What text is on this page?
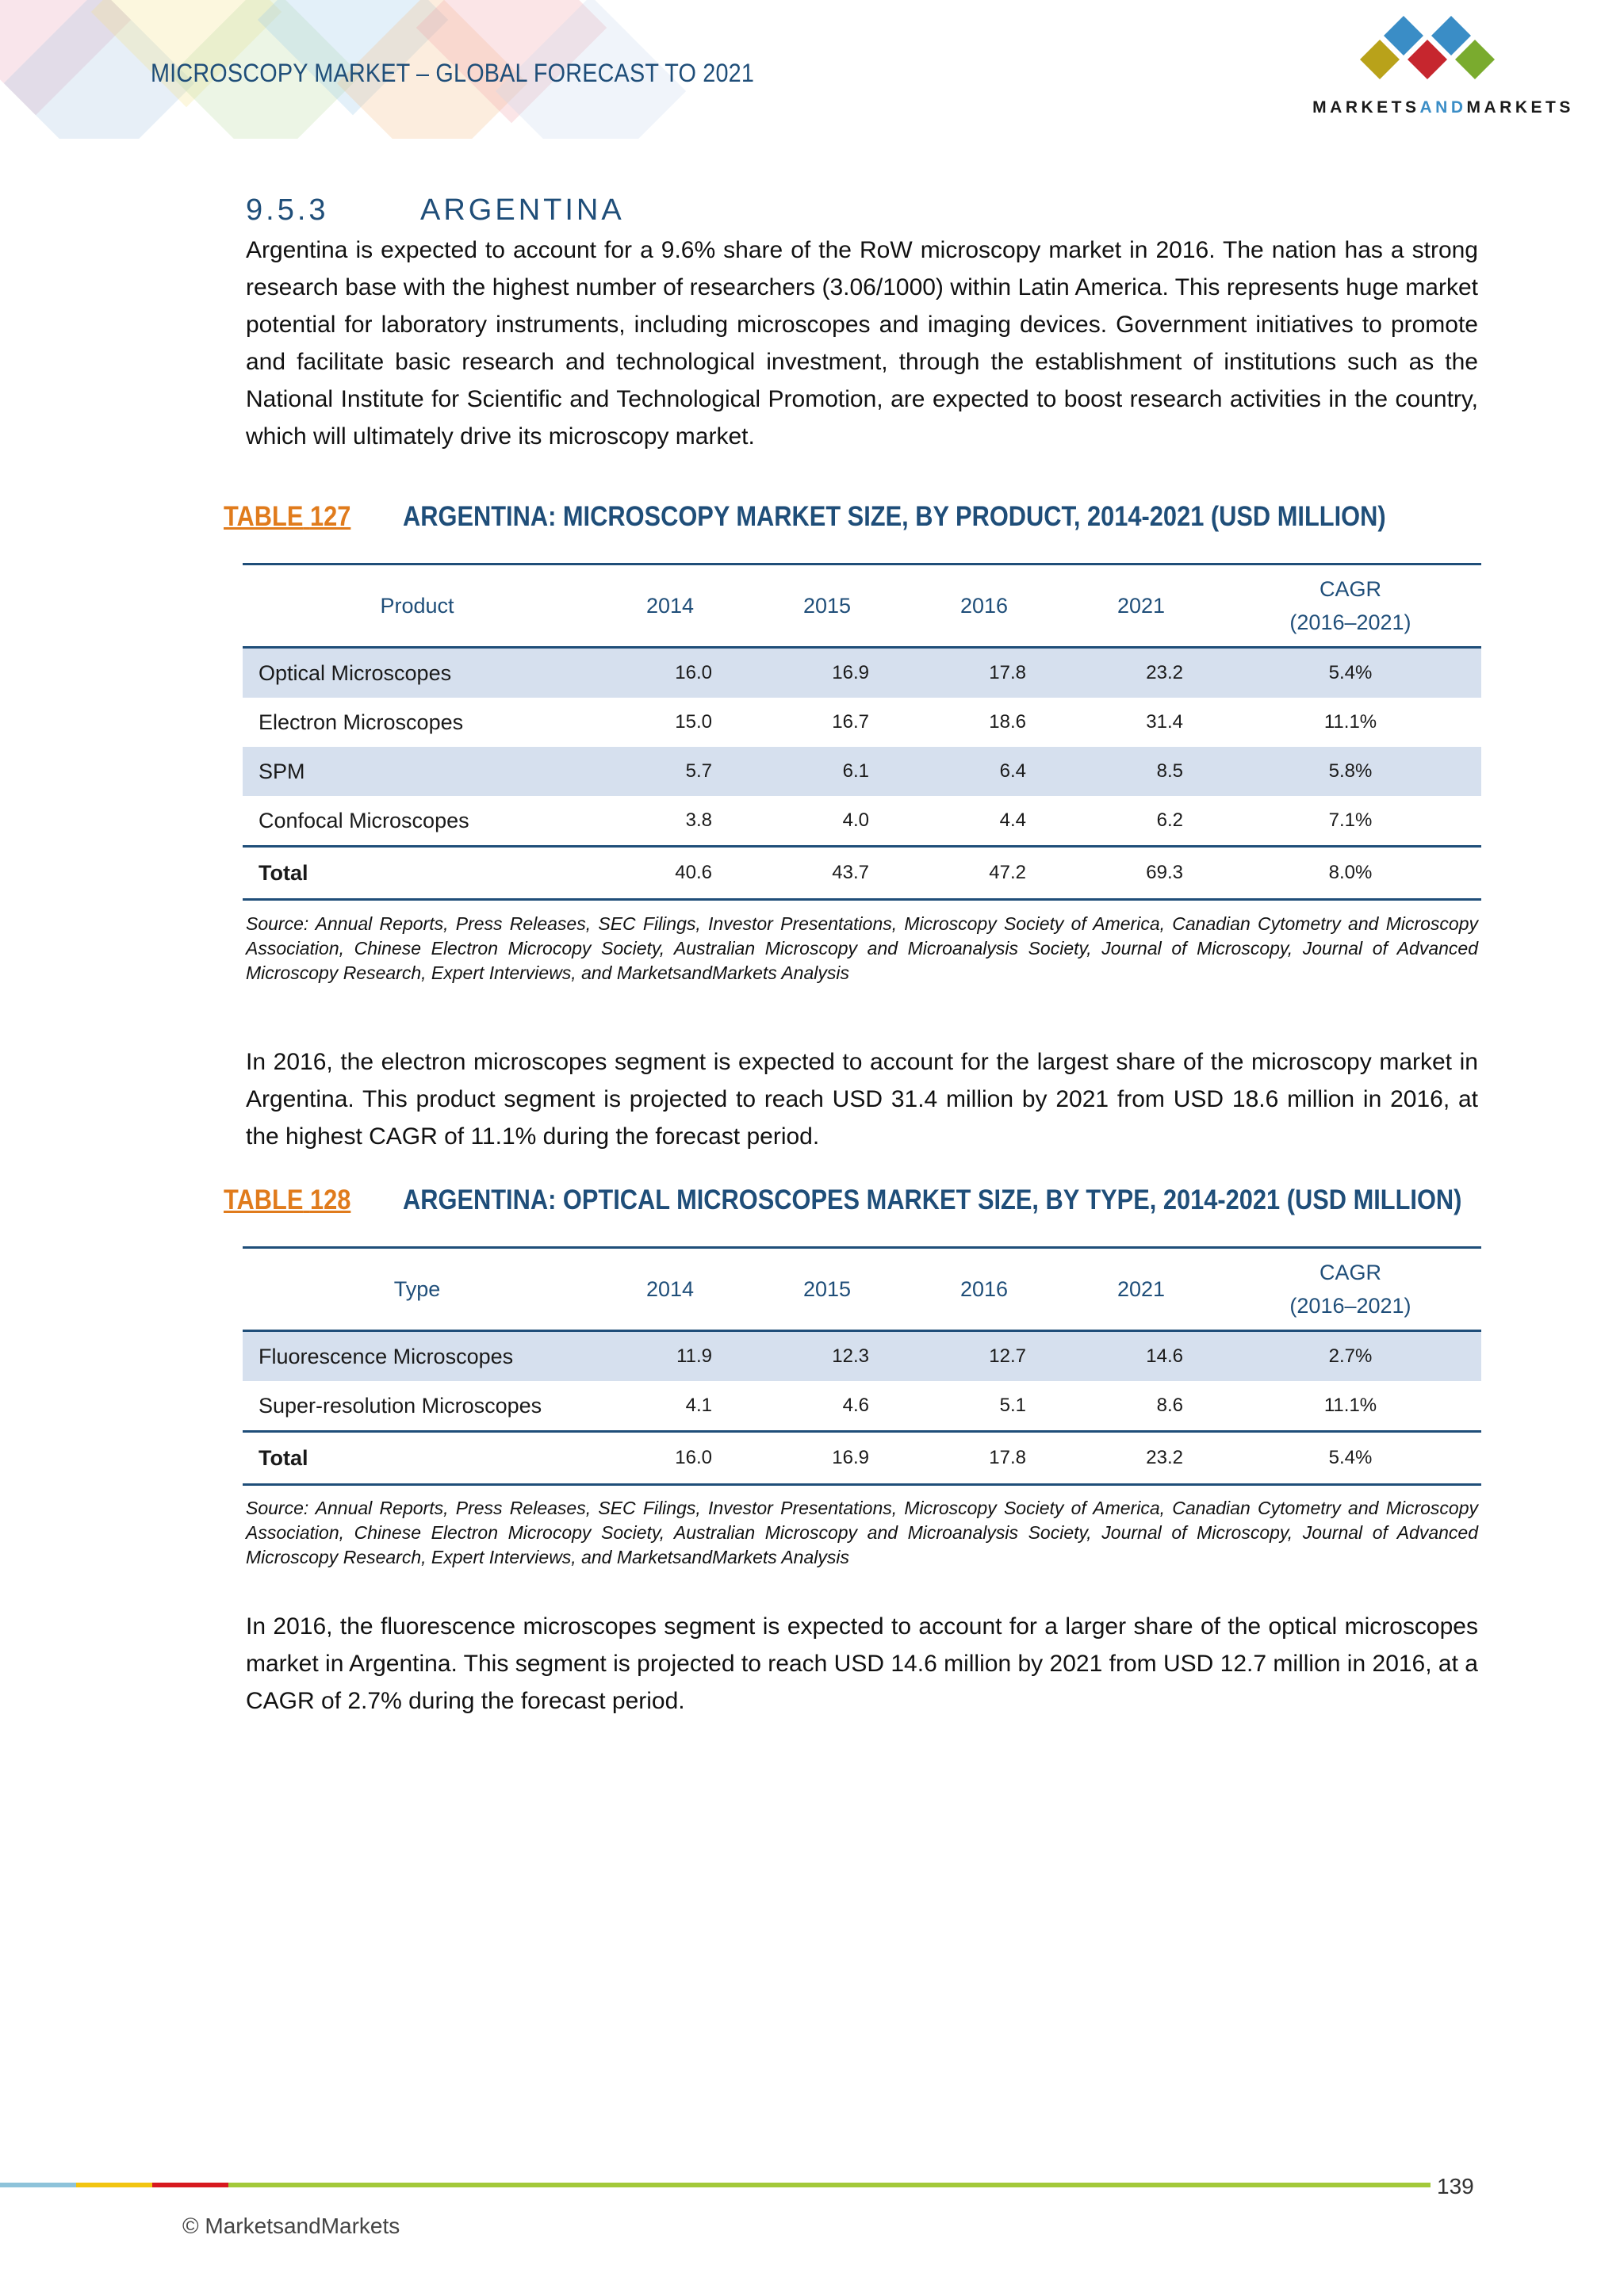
MICROSCOPY MARKET – GLOBAL FORECAST TO 2021
MARKETSANDMARKETS
9.5.3	ARGENTINA

Argentina is expected to account for a 9.6% share of the RoW microscopy market in 2016. The nation has a strong research base with the highest number of researchers (3.06/1000) within Latin America. This represents huge market potential for laboratory instruments, including microscopes and imaging devices. Government initiatives to promote and facilitate basic research and technological investment, through the establishment of institutions such as the National Institute for Scientific and Technological Promotion, are expected to boost research activities in the country, which will ultimately drive its microscopy market.

TABLE 127 ARGENTINA: MICROSCOPY MARKET SIZE, BY PRODUCT, 2014-2021 (USD MILLION)
Product	2014	2015	2016	2021	CAGR
(2016–2021)
Optical Microscopes	16.0	16.9	17.8	23.2	5.4%
Electron Microscopes	15.0	16.7	18.6	31.4	11.1%
SPM	5.7	6.1	6.4	8.5	5.8%
Confocal Microscopes	3.8	4.0	4.4	6.2	7.1%
Total	40.6	43.7	47.2	69.3	8.0%

Source: Annual Reports, Press Releases, SEC Filings, Investor Presentations, Microscopy Society of America, Canadian Cytometry and Microscopy Association, Chinese Electron Microcopy Society, Australian Microscopy and Microanalysis Society, Journal of Microscopy, Journal of Advanced Microscopy Research, Expert Interviews, and MarketsandMarkets Analysis

In 2016, the electron microscopes segment is expected to account for the largest share of the microscopy market in Argentina. This product segment is projected to reach USD 31.4 million by 2021 from USD 18.6 million in 2016, at the highest CAGR of 11.1% during the forecast period.

TABLE 128 ARGENTINA: OPTICAL MICROSCOPES MARKET SIZE, BY TYPE, 2014-2021 (USD MILLION)
Type	2014	2015	2016	2021	CAGR
(2016–2021)
Fluorescence Microscopes	11.9	12.3	12.7	14.6	2.7%
Super-resolution Microscopes	4.1	4.6	5.1	8.6	11.1%
Total	16.0	16.9	17.8	23.2	5.4%

Source: Annual Reports, Press Releases, SEC Filings, Investor Presentations, Microscopy Society of America, Canadian Cytometry and Microscopy Association, Chinese Electron Microcopy Society, Australian Microscopy and Microanalysis Society, Journal of Microscopy, Journal of Advanced Microscopy Research, Expert Interviews, and MarketsandMarkets Analysis

In 2016, the fluorescence microscopes segment is expected to account for a larger share of the optical microscopes market in Argentina. This segment is projected to reach USD 14.6 million by 2021 from USD 12.7 million in 2016, at a CAGR of 2.7% during the forecast period.

139
© MarketsandMarkets
